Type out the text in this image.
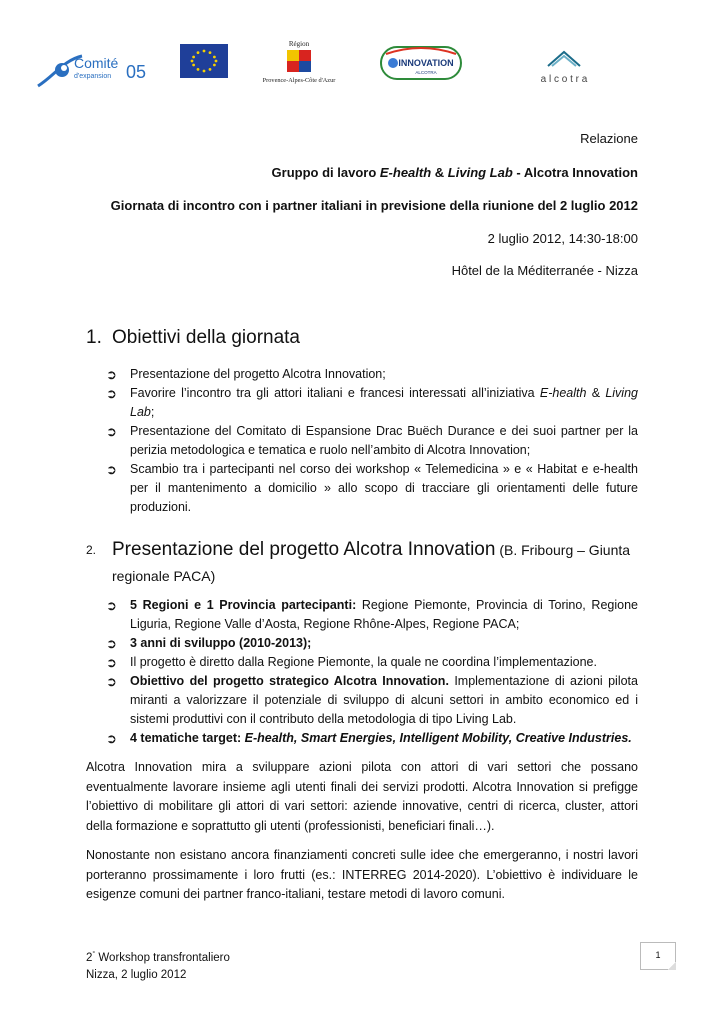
Comité
d'expansion 05
Région
Provence-Alpes-Côte d'Azur
INNOVATION
ALCOTRA
a l c o t r a
Relazione
Gruppo di lavoro E-health & Living Lab - Alcotra Innovation
Giornata di incontro con i partner italiani in previsione della riunione del 2 luglio 2012
2 luglio 2012, 14:30-18:00
Hôtel de la Méditerranée - Nizza
1. Obiettivi della giornata
➲ Presentazione del progetto Alcotra Innovation;
➲ Favorire l’incontro tra gli attori italiani e francesi interessati all’iniziativa E-health & Living Lab;
➲ Presentazione del Comitato di Espansione Drac Buëch Durance e dei suoi partner per la perizia metodologica e tematica e ruolo nell’ambito di Alcotra Innovation;
➲ Scambio tra i partecipanti nel corso dei workshop « Telemedicina » e « Habitat e e-health per il mantenimento a domicilio » allo scopo di tracciare gli orientamenti delle future produzioni.
2. Presentazione del progetto Alcotra Innovation (B. Fribourg – Giunta regionale PACA)
➲ 5 Regioni e 1 Provincia partecipanti: Regione Piemonte, Provincia di Torino, Regione Liguria, Regione Valle d’Aosta, Regione Rhône-Alpes, Regione PACA;
➲ 3 anni di sviluppo (2010-2013);
➲ Il progetto è diretto dalla Regione Piemonte, la quale ne coordina l’implementazione.
➲ Obiettivo del progetto strategico Alcotra Innovation. Implementazione di azioni pilota miranti a valorizzare il potenziale di sviluppo di alcuni settori in ambito economico ed i sistemi produttivi con il contributo della metodologia di tipo Living Lab.
➲ 4 tematiche target: E-health, Smart Energies, Intelligent Mobility, Creative Industries.

Alcotra Innovation mira a sviluppare azioni pilota con attori di vari settori che possano eventualmente lavorare insieme agli utenti finali dei servizi prodotti. Alcotra Innovation si prefigge l’obiettivo di mobilitare gli attori di vari settori: aziende innovative, centri di ricerca, cluster, attori della formazione e soprattutto gli utenti (professionisti, beneficiari finali…).

Nonostante non esistano ancora finanziamenti concreti sulle idee che emergeranno, i nostri lavori porteranno prossimamente i loro frutti (es.: INTERREG 2014-2020). L’obiettivo è individuare le esigenze comuni dei partner franco-italiani, testare metodi di lavoro comuni.

2° Workshop transfrontaliero
Nizza, 2 luglio 2012
1
